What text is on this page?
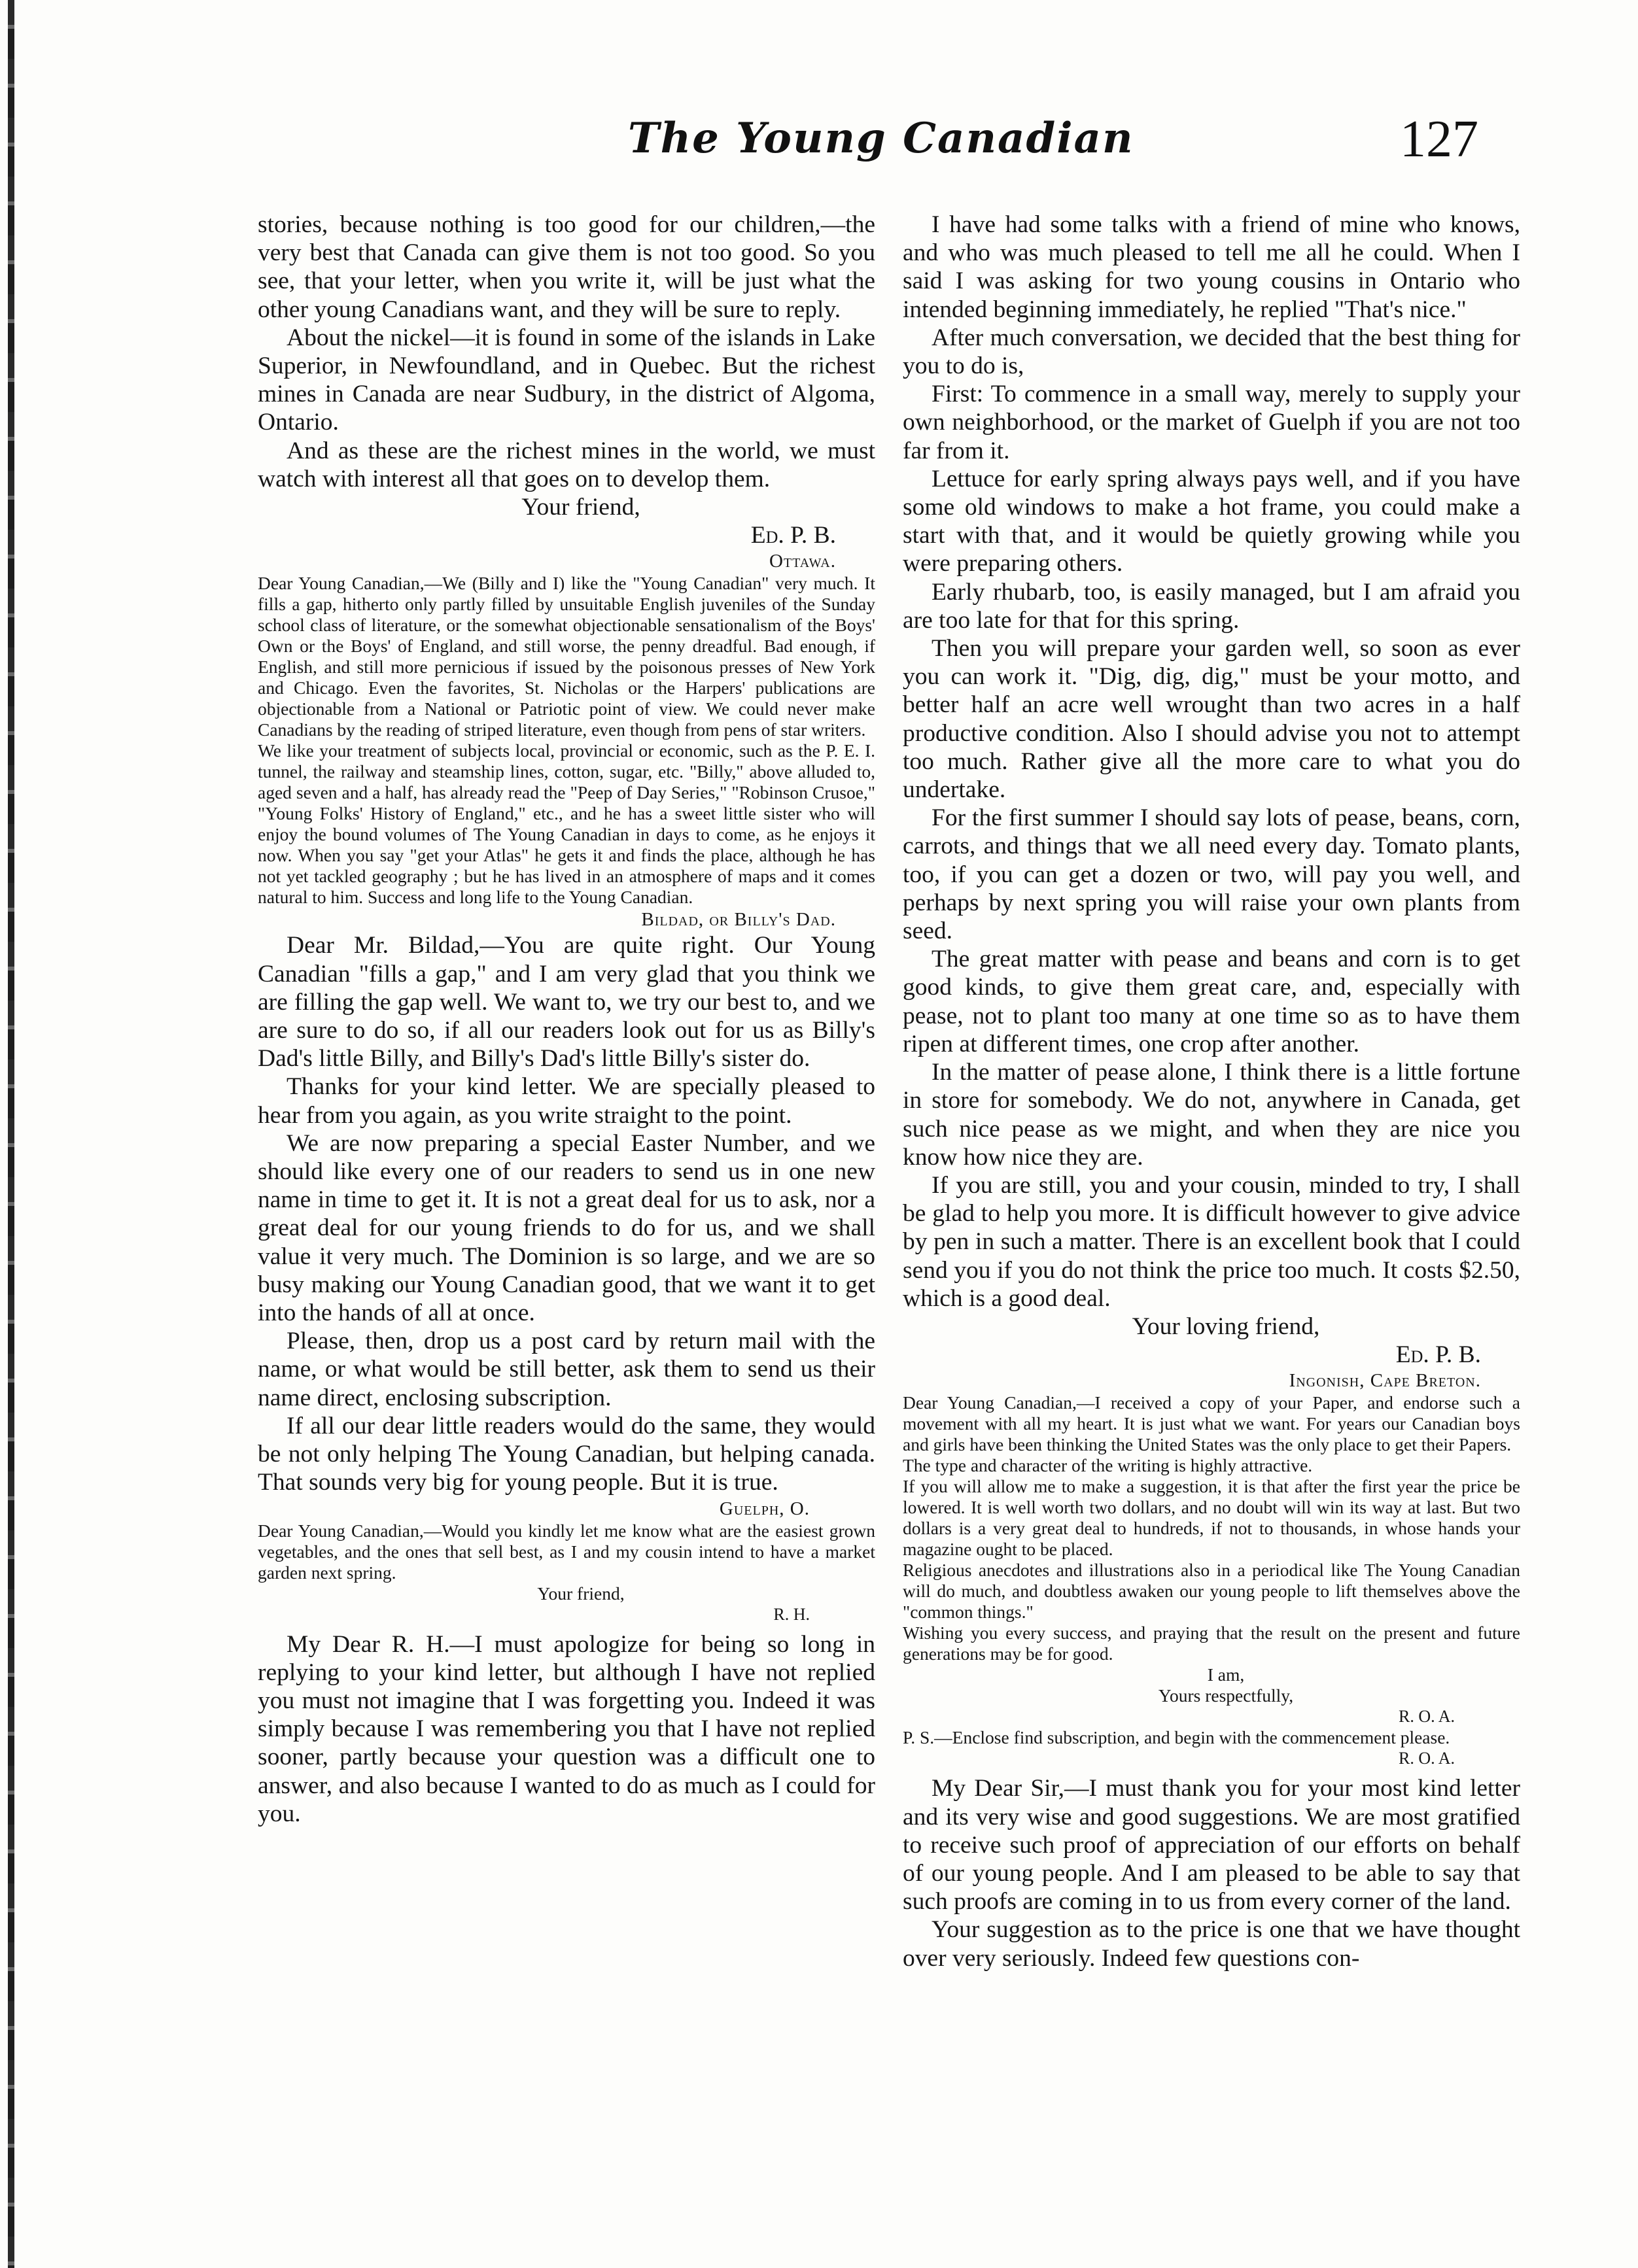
The Young Canadian	127

stories, because nothing is too good for our children,—the very best that Canada can give them is not too good. So you see, that your letter, when you write it, will be just what the other young Canadians want, and they will be sure to reply.

About the nickel—it is found in some of the islands in Lake Superior, in Newfoundland, and in Quebec. But the richest mines in Canada are near Sudbury, in the district of Algoma, Ontario.

And as these are the richest mines in the world, we must watch with interest all that goes on to develop them.

Your friend,

Ed. P. B.

Ottawa.

Dear Young Canadian,—We (Billy and I) like the "Young Canadian" very much. It fills a gap, hitherto only partly filled by unsuitable English juveniles of the Sunday school class of literature, or the somewhat objectionable sensationalism of the Boys' Own or the Boys' of England, and still worse, the penny dreadful. Bad enough, if English, and still more pernicious if issued by the poisonous presses of New York and Chicago. Even the favorites, St. Nicholas or the Harpers' publications are objectionable from a National or Patriotic point of view. We could never make Canadians by the reading of striped literature, even though from pens of star writers.

We like your treatment of subjects local, provincial or economic, such as the P. E. I. tunnel, the railway and steamship lines, cotton, sugar, etc. "Billy," above alluded to, aged seven and a half, has already read the "Peep of Day Series," "Robinson Crusoe," "Young Folks' History of England," etc., and he has a sweet little sister who will enjoy the bound volumes of The Young Canadian in days to come, as he enjoys it now. When you say "get your Atlas" he gets it and finds the place, although he has not yet tackled geography ; but he has lived in an atmosphere of maps and it comes natural to him. Success and long life to the Young Canadian.

Bildad, or Billy's Dad.

Dear Mr. Bildad,—You are quite right. Our Young Canadian "fills a gap," and I am very glad that you think we are filling the gap well. We want to, we try our best to, and we are sure to do so, if all our readers look out for us as Billy's Dad's little Billy, and Billy's Dad's little Billy's sister do.

Thanks for your kind letter. We are specially pleased to hear from you again, as you write straight to the point.

We are now preparing a special Easter Number, and we should like every one of our readers to send us in one new name in time to get it. It is not a great deal for us to ask, nor a great deal for our young friends to do for us, and we shall value it very much. The Dominion is so large, and we are so busy making our Young Canadian good, that we want it to get into the hands of all at once.

Please, then, drop us a post card by return mail with the name, or what would be still better, ask them to send us their name direct, enclosing subscription.

If all our dear little readers would do the same, they would be not only helping The Young Canadian, but helping canada. That sounds very big for young people. But it is true.

Guelph, O.

Dear Young Canadian,—Would you kindly let me know what are the easiest grown vegetables, and the ones that sell best, as I and my cousin intend to have a market garden next spring.

Your friend,

R. H.

My Dear R. H.—I must apologize for being so long in replying to your kind letter, but although I have not replied you must not imagine that I was forgetting you. Indeed it was simply because I was remembering you that I have not replied sooner, partly because your question was a difficult one to answer, and also because I wanted to do as much as I could for you.

I have had some talks with a friend of mine who knows, and who was much pleased to tell me all he could. When I said I was asking for two young cousins in Ontario who intended beginning immediately, he replied "That's nice."

After much conversation, we decided that the best thing for you to do is,

First: To commence in a small way, merely to supply your own neighborhood, or the market of Guelph if you are not too far from it.

Lettuce for early spring always pays well, and if you have some old windows to make a hot frame, you could make a start with that, and it would be quietly growing while you were preparing others.

Early rhubarb, too, is easily managed, but I am afraid you are too late for that for this spring.

Then you will prepare your garden well, so soon as ever you can work it. "Dig, dig, dig," must be your motto, and better half an acre well wrought than two acres in a half productive condition. Also I should advise you not to attempt too much. Rather give all the more care to what you do undertake.

For the first summer I should say lots of pease, beans, corn, carrots, and things that we all need every day. Tomato plants, too, if you can get a dozen or two, will pay you well, and perhaps by next spring you will raise your own plants from seed.

The great matter with pease and beans and corn is to get good kinds, to give them great care, and, especially with pease, not to plant too many at one time so as to have them ripen at different times, one crop after another.

In the matter of pease alone, I think there is a little fortune in store for somebody. We do not, anywhere in Canada, get such nice pease as we might, and when they are nice you know how nice they are.

If you are still, you and your cousin, minded to try, I shall be glad to help you more. It is difficult however to give advice by pen in such a matter. There is an excellent book that I could send you if you do not think the price too much. It costs $2.50, which is a good deal.

Your loving friend,

Ed. P. B.

Ingonish, Cape Breton.

Dear Young Canadian,—I received a copy of your Paper, and endorse such a movement with all my heart. It is just what we want. For years our Canadian boys and girls have been thinking the United States was the only place to get their Papers.

The type and character of the writing is highly attractive.

If you will allow me to make a suggestion, it is that after the first year the price be lowered. It is well worth two dollars, and no doubt will win its way at last. But two dollars is a very great deal to hundreds, if not to thousands, in whose hands your magazine ought to be placed.

Religious anecdotes and illustrations also in a periodical like The Young Canadian will do much, and doubtless awaken our young people to lift themselves above the "common things."

Wishing you every success, and praying that the result on the present and future generations may be for good.

I am,

Yours respectfully,

R. O. A.

P. S.—Enclose find subscription, and begin with the commencement please.

R. O. A.

My Dear Sir,—I must thank you for your most kind letter and its very wise and good suggestions. We are most gratified to receive such proof of appreciation of our efforts on behalf of our young people. And I am pleased to be able to say that such proofs are coming in to us from every corner of the land.

Your suggestion as to the price is one that we have thought over very seriously. Indeed few questions con-
